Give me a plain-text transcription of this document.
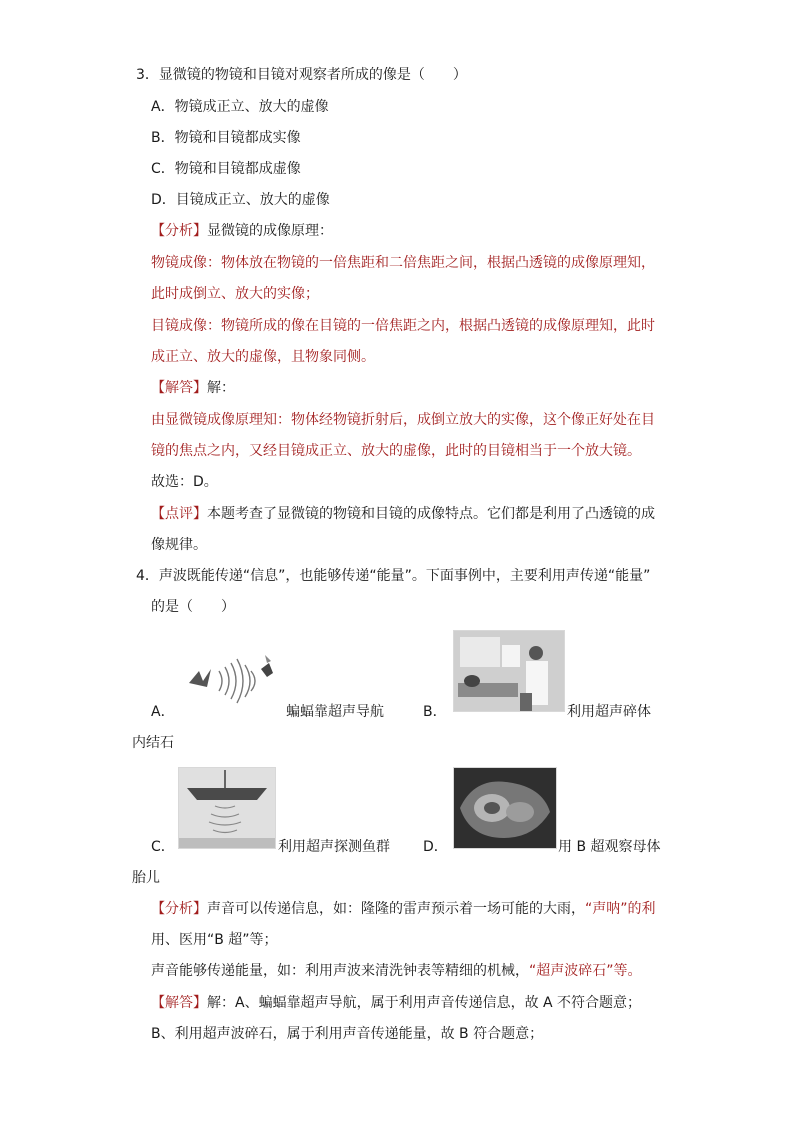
3．显微镜的物镜和目镜对观察者所成的像是（　　）
A．物镜成正立、放大的虚像
B．物镜和目镜都成实像
C．物镜和目镜都成虚像
D．目镜成正立、放大的虚像
【分析】显微镜的成像原理：
物镜成像：物体放在物镜的一倍焦距和二倍焦距之间，根据凸透镜的成像原理知，
此时成倒立、放大的实像；
目镜成像：物镜所成的像在目镜的一倍焦距之内，根据凸透镜的成像原理知，此时
成正立、放大的虚像，且物象同侧。
【解答】解：
由显微镜成像原理知：物体经物镜折射后，成倒立放大的实像，这个像正好处在目
镜的焦点之内，又经目镜成正立、放大的虚像，此时的目镜相当于一个放大镜。
故选：D。
【点评】本题考查了显微镜的物镜和目镜的成像特点。它们都是利用了凸透镜的成
像规律。
4．声波既能传递“信息”，也能够传递“能量”。下面事例中，主要利用声传递“能量”
的是（　　）
A．	蝙蝠靠超声导航	B．	利用超声碎体
内结石
C．	利用超声探测鱼群 D．	用 B 超观察母体
胎儿
【分析】声音可以传递信息，如：隆隆的雷声预示着一场可能的大雨，“声呐”的利
用、医用“B 超”等；
声音能够传递能量，如：利用声波来清洗钟表等精细的机械，“超声波碎石”等。
【解答】解：A、蝙蝠靠超声导航，属于利用声音传递信息，故 A 不符合题意；
B、利用超声波碎石，属于利用声音传递能量，故 B 符合题意；
